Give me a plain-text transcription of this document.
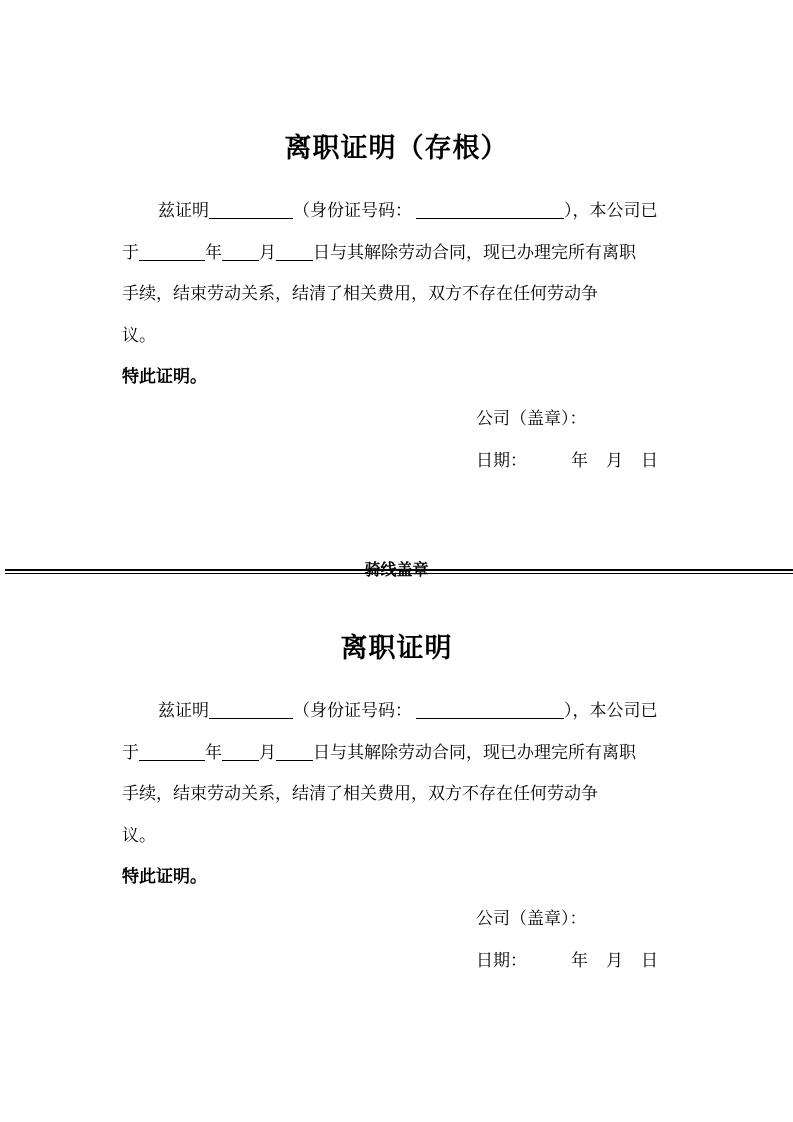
离职证明（存根）
兹证明	（身份证号码：	），本公司已
于	年 月 日与其解除劳动合同，现已办理完所有离职
手续，结束劳动关系，结清了相关费用，双方不存在任何劳动争
议。
特此证明。
公司（盖章）：
日期：	年 月 日
骑线盖章
离职证明
兹证明	（身份证号码：	），本公司已
于	年 月 日与其解除劳动合同，现已办理完所有离职
手续，结束劳动关系，结清了相关费用，双方不存在任何劳动争
议。
特此证明。
公司（盖章）：
日期：	年 月 日
